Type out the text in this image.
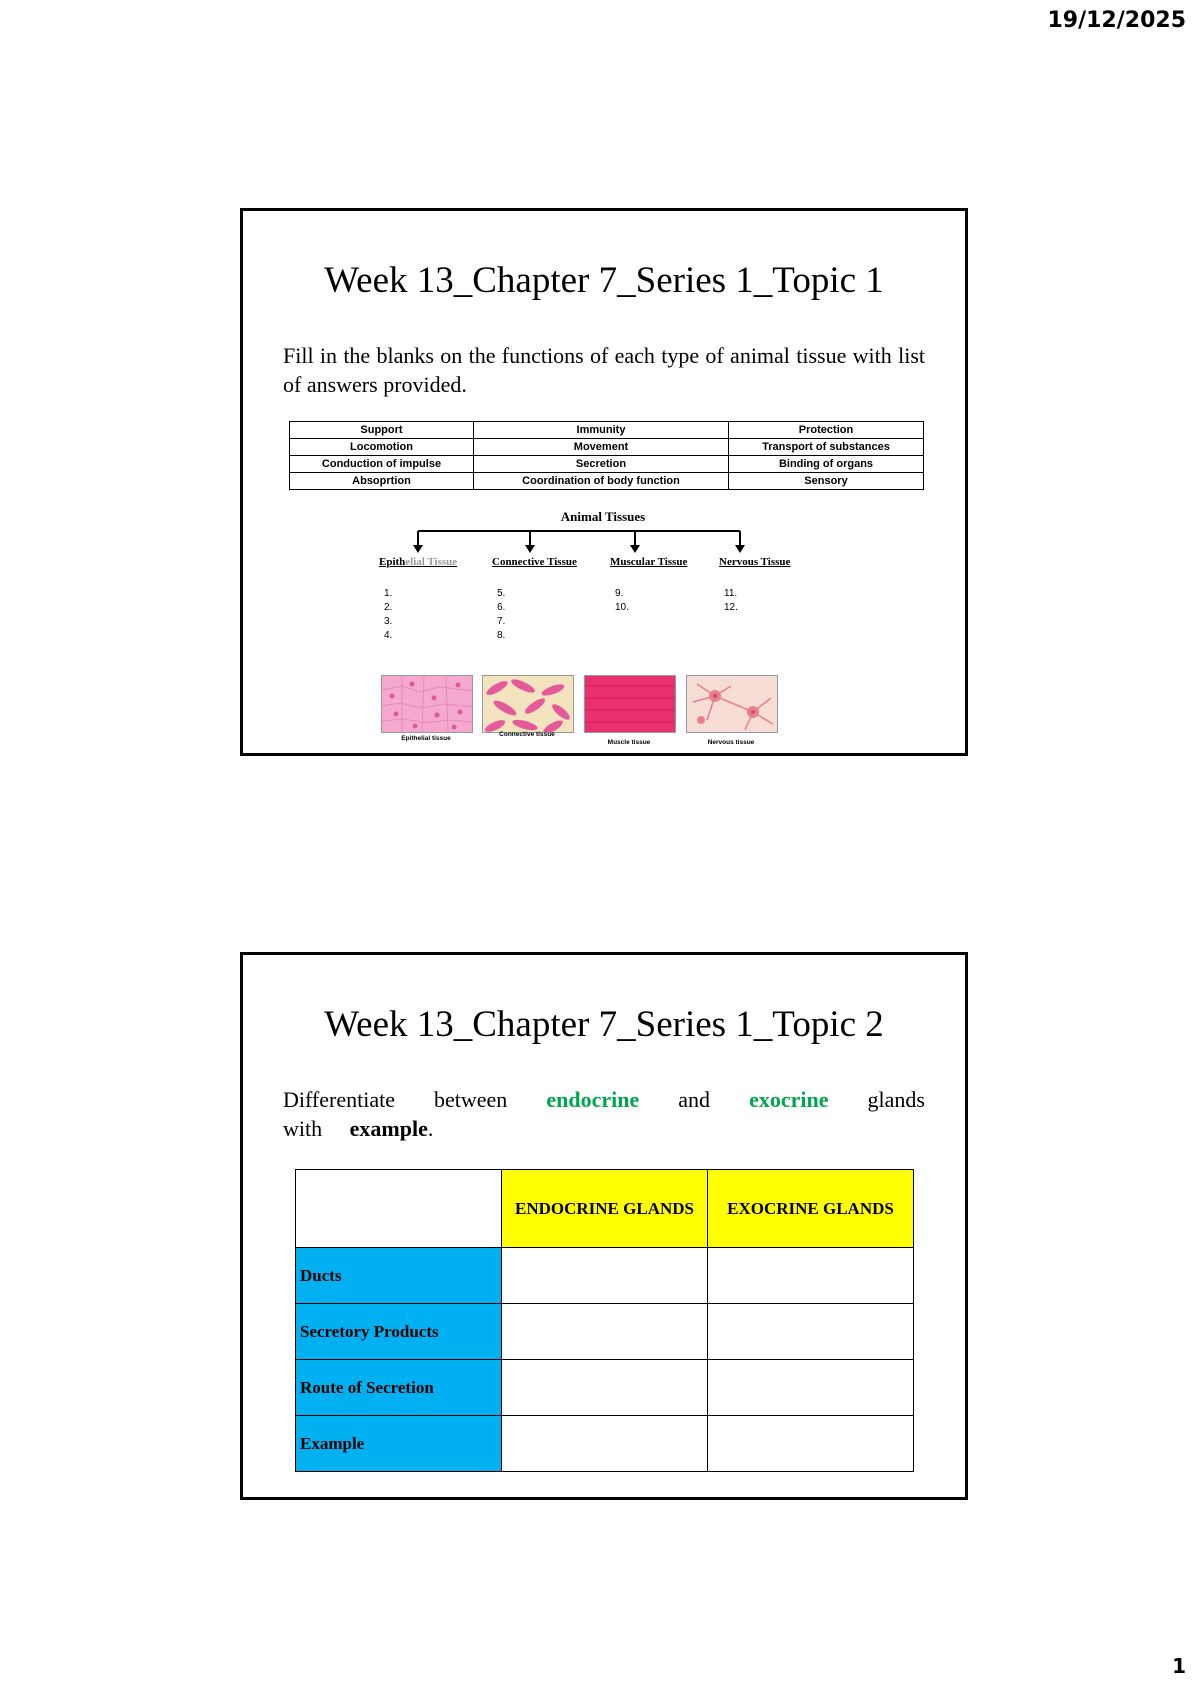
19/12/2025
Week 13_Chapter 7_Series 1_Topic 1
Fill in the blanks on the functions of each type of animal tissue with list of answers provided.
Support	Immunity	Protection
Locomotion	Movement	Transport of substances
Conduction of impulse	Secretion	Binding of organs
Absoprtion	Coordination of body function	Sensory
Animal Tissues
Epithelial Tissue	Connective Tissue	Muscular Tissue	Nervous Tissue
1.
2.
3.
4.
5.
6.
7.
8.
9.
10.
11.
12.
Epithelial tissue
Connective tissue
Muscle tissue	Nervous tissue
Week 13_Chapter 7_Series 1_Topic 2
Differentiate between endocrine and exocrine glands with example.
	ENDOCRINE GLANDS	EXOCRINE GLANDS
Ducts		
Secretory Products		
Route of Secretion		
Example		
1
